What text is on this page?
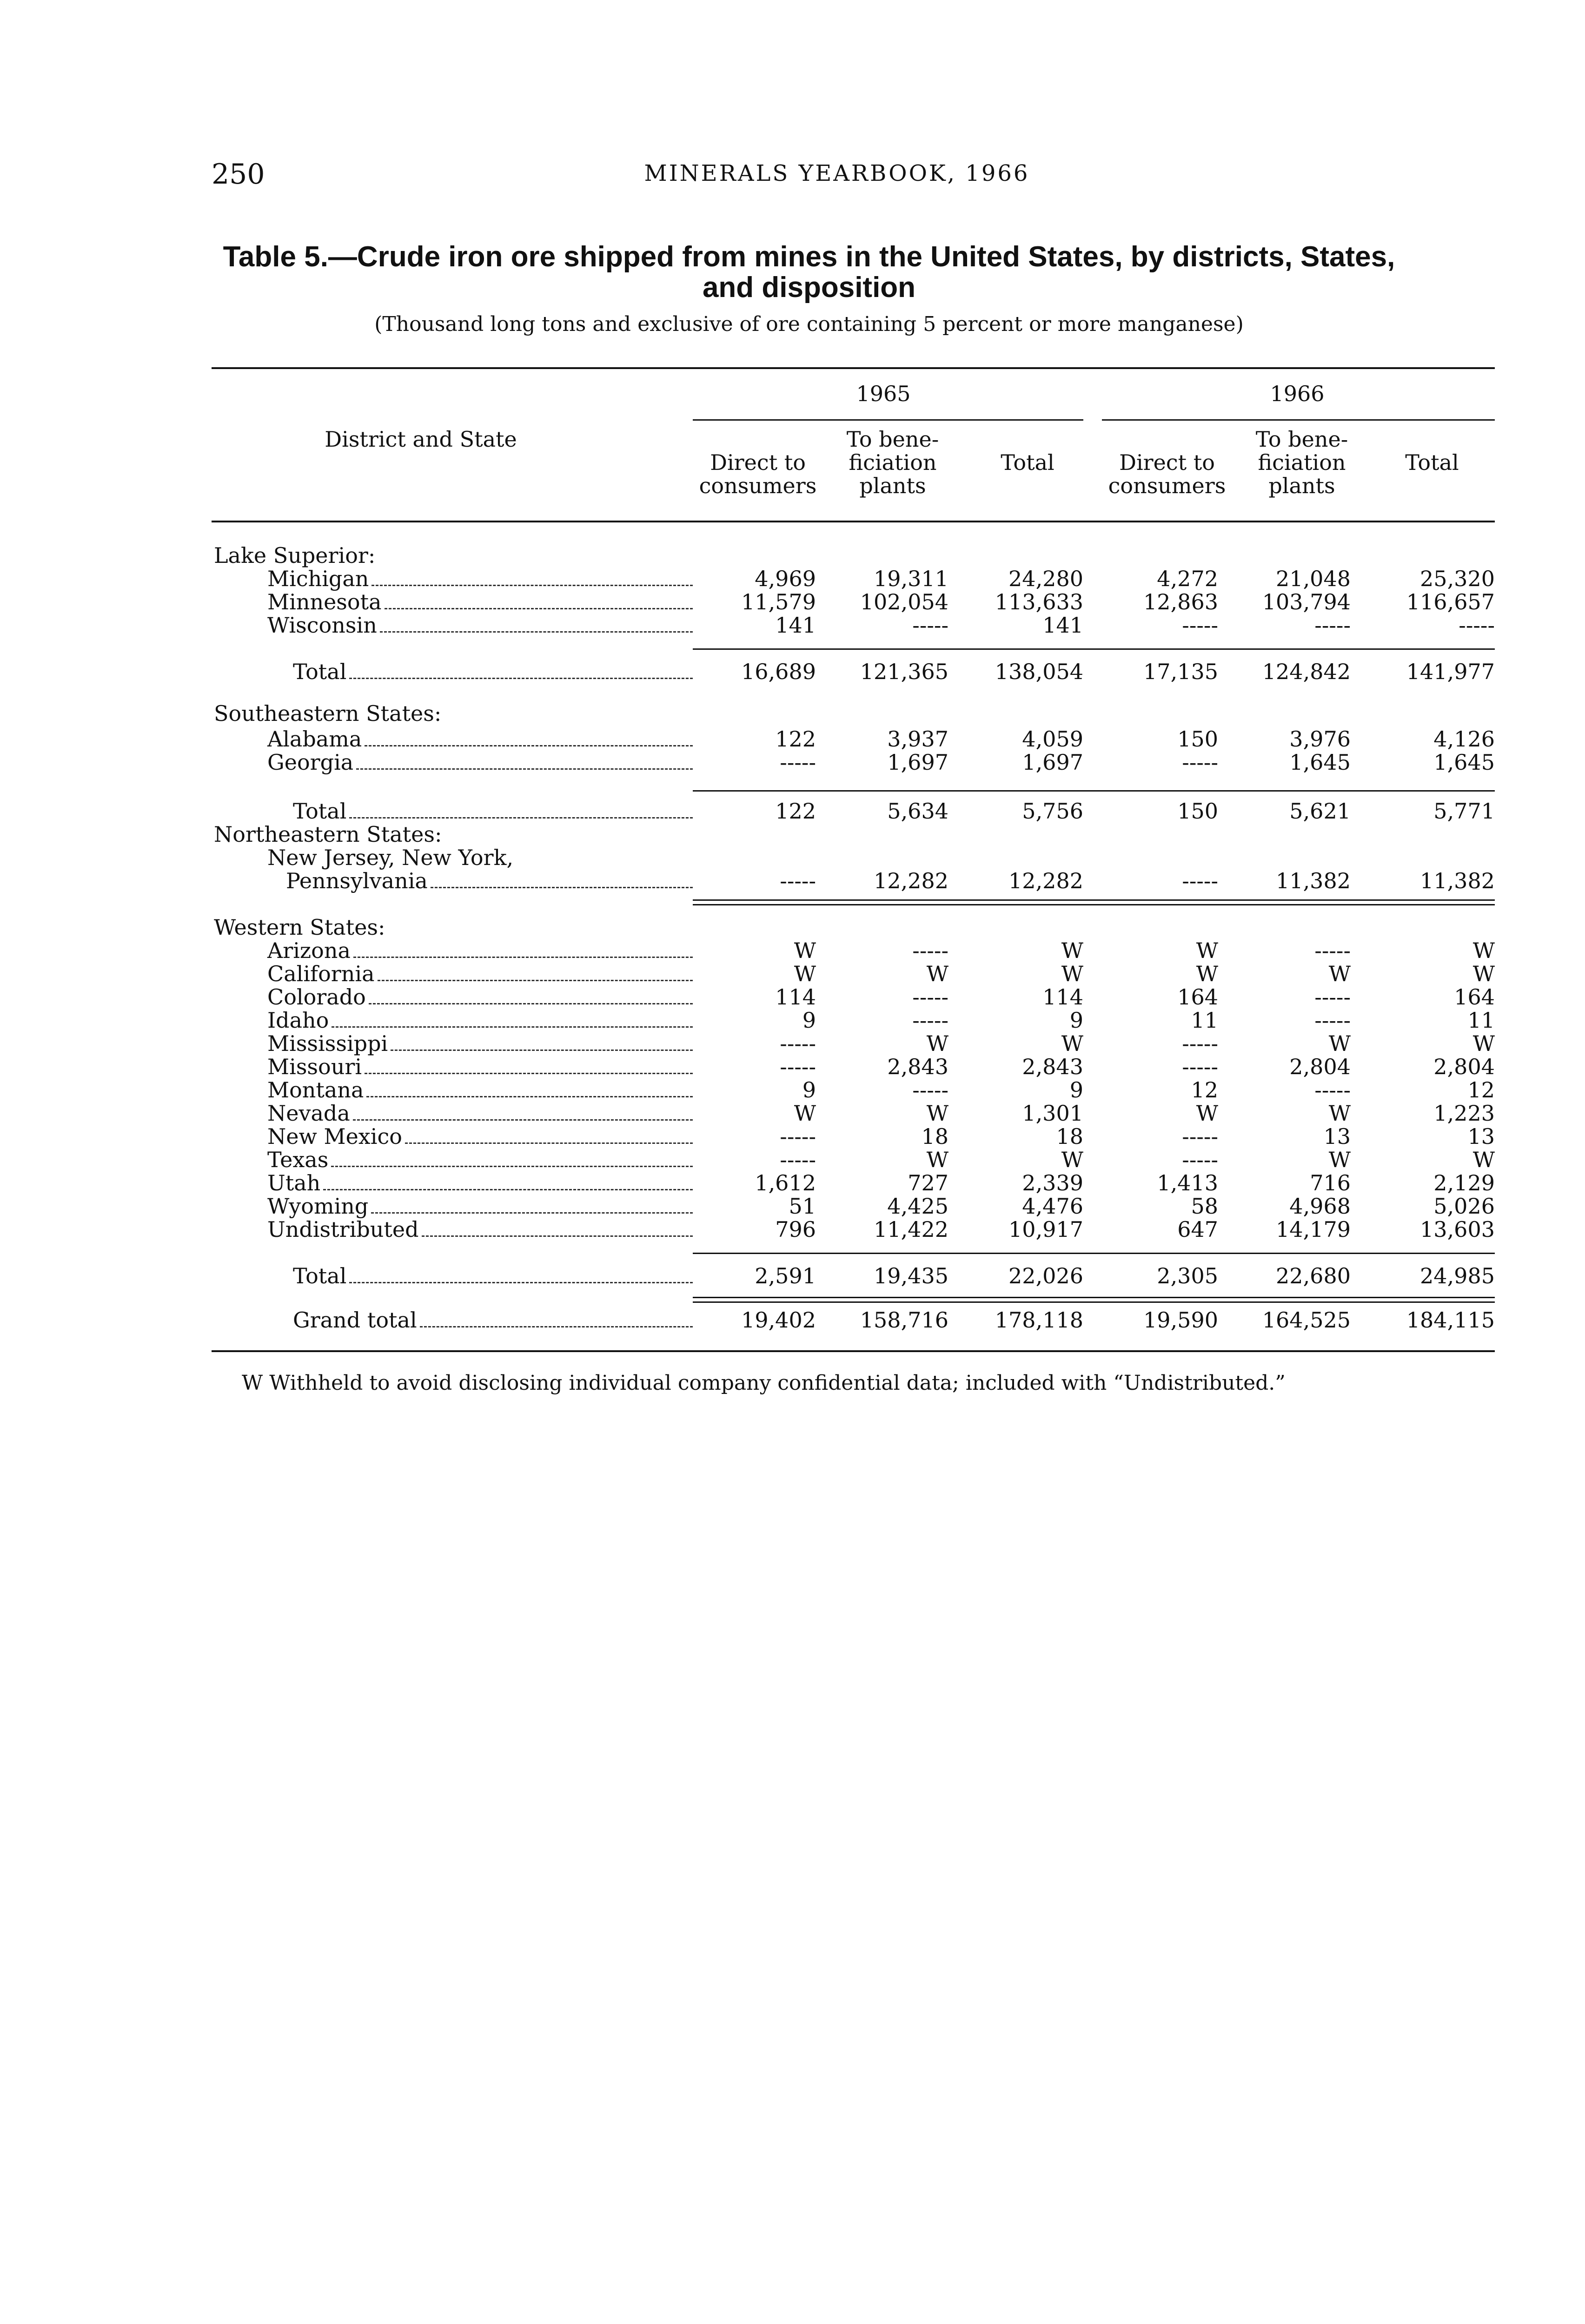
250	MINERALS YEARBOOK, 1966
Table 5.—Crude iron ore shipped from mines in the United States, by districts, States,
and disposition
(Thousand long tons and exclusive of ore containing 5 percent or more manganese)
District and State
1965	1966
Direct to
consumers
To bene-
ficiation
plants
Total	Direct to
consumers
To bene-
ficiation
plants
Total
Lake Superior:
Michigan	4,969	19,311	24,280	4,272	21,048	25,320
Minnesota	11,579	102,054	113,633	12,863	103,794	116,657
Wisconsin	141	-----	141	-----	-----	-----
Total	16,689	121,365	138,054	17,135	124,842	141,977
Southeastern States:
Alabama	122	3,937	4,059	150	3,976	4,126
Georgia	-----	1,697	1,697	-----	1,645	1,645
Total	122	5,634	5,756	150	5,621	5,771
Northeastern States:
New Jersey, New York,
Pennsylvania	-----	12,282	12,282	-----	11,382	11,382
Western States:
Arizona	W	-----	W	W	-----	W
California	W	W	W	W	W	W
Colorado	114	-----	114	164	-----	164
Idaho	9	-----	9	11	-----	11
Mississippi	-----	W	W	-----	W	W
Missouri	-----	2,843	2,843	-----	2,804	2,804
Montana	9	-----	9	12	-----	12
Nevada	W	W	1,301	W	W	1,223
New Mexico	-----	18	18	-----	13	13
Texas	-----	W	W	-----	W	W
Utah	1,612	727	2,339	1,413	716	2,129
Wyoming	51	4,425	4,476	58	4,968	5,026
Undistributed	796	11,422	10,917	647	14,179	13,603
Total	2,591	19,435	22,026	2,305	22,680	24,985
Grand total	19,402	158,716	178,118	19,590	164,525	184,115
W Withheld to avoid disclosing individual company confidential data; included with “Undistributed.”
